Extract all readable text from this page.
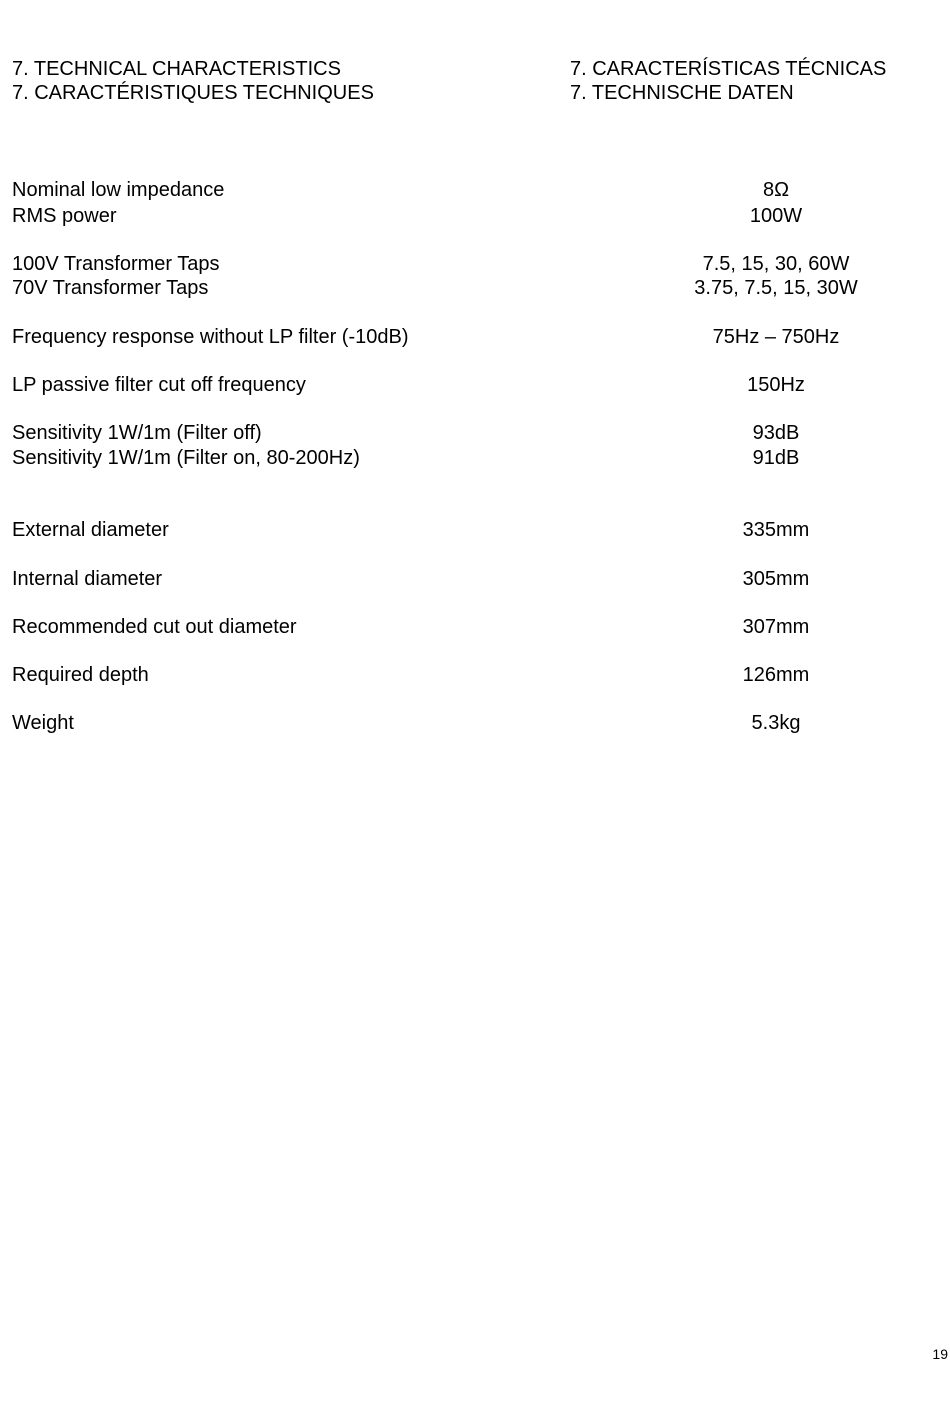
7. TECHNICAL CHARACTERISTICS
7. CARACTÉRISTIQUES TECHNIQUES
7. CARACTERÍSTICAS TÉCNICAS
7. TECHNISCHE DATEN
Nominal low impedance	8Ω
RMS power	100W
100V Transformer Taps	7.5, 15, 30, 60W
70V Transformer Taps	3.75, 7.5, 15, 30W
Frequency response without LP filter (-10dB)	75Hz – 750Hz
LP passive filter cut off frequency	150Hz
Sensitivity 1W/1m (Filter off)	93dB
Sensitivity 1W/1m (Filter on, 80-200Hz)	91dB
External diameter	335mm
Internal diameter	305mm
Recommended cut out diameter	307mm
Required depth	126mm
Weight	5.3kg
19
